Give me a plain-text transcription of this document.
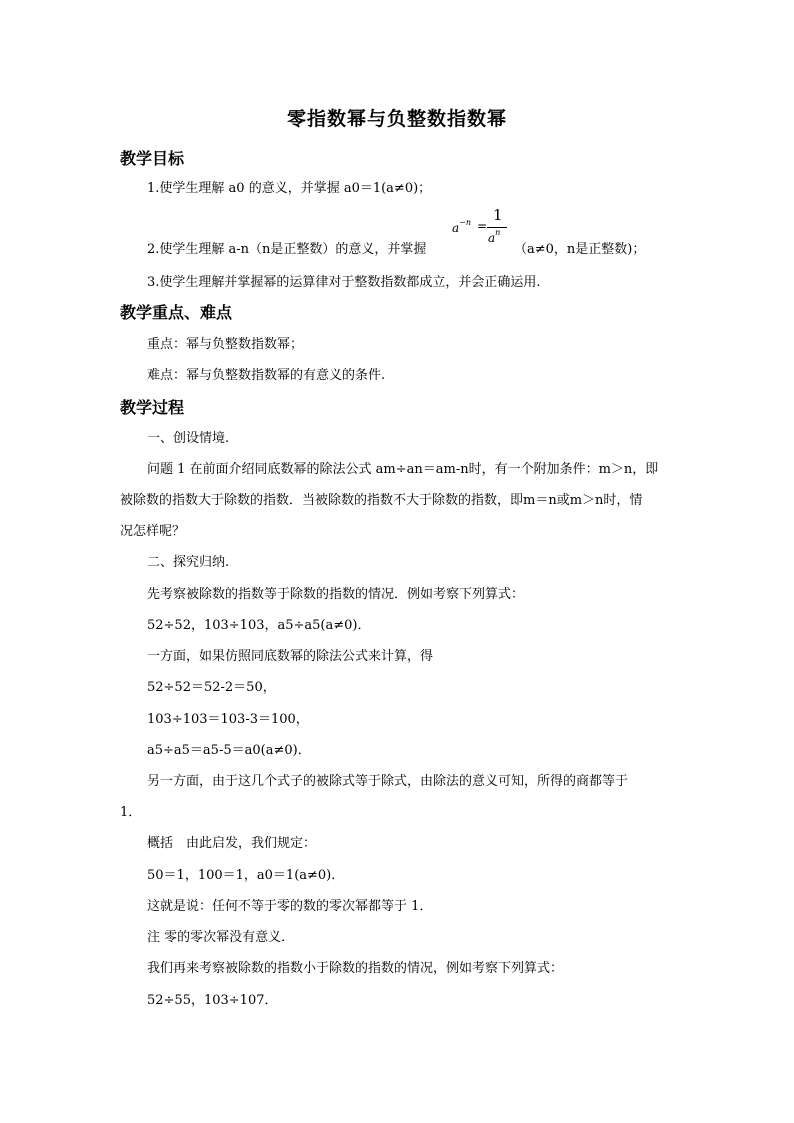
零指数幂与负整数指数幂
教学目标
1.使学生理解 a0 的意义，并掌握 a0＝1(a≠0)；
2.使学生理解 a-n（n是正整数）的意义，并掌握
$a^{-n}$ =
1
$a^n$
（a≠0，n是正整数)；
3.使学生理解并掌握幂的运算律对于整数指数都成立，并会正确运用.
教学重点、难点
重点：幂与负整数指数幂；
难点：幂与负整数指数幂的有意义的条件.
教学过程
一、创设情境.
问题 1 在前面介绍同底数幂的除法公式 am÷an＝am-n时，有一个附加条件：m＞n，即
被除数的指数大于除数的指数．当被除数的指数不大于除数的指数，即m＝n或m＞n时，情
况怎样呢？
二、探究归纳.
先考察被除数的指数等于除数的指数的情况．例如考察下列算式：
52÷52，103÷103，a5÷a5(a≠0)．
一方面，如果仿照同底数幂的除法公式来计算，得
52÷52＝52-2＝50，
103÷103＝103-3＝100，
a5÷a5＝a5-5＝a0(a≠0)．
另一方面，由于这几个式子的被除式等于除式，由除法的意义可知，所得的商都等于
1．
概括　由此启发，我们规定：
50＝1，100＝1，a0＝1(a≠0)．
这就是说：任何不等于零的数的零次幂都等于 1．
注 零的零次幂没有意义．
我们再来考察被除数的指数小于除数的指数的情况，例如考察下列算式：
52÷55，103÷107．
